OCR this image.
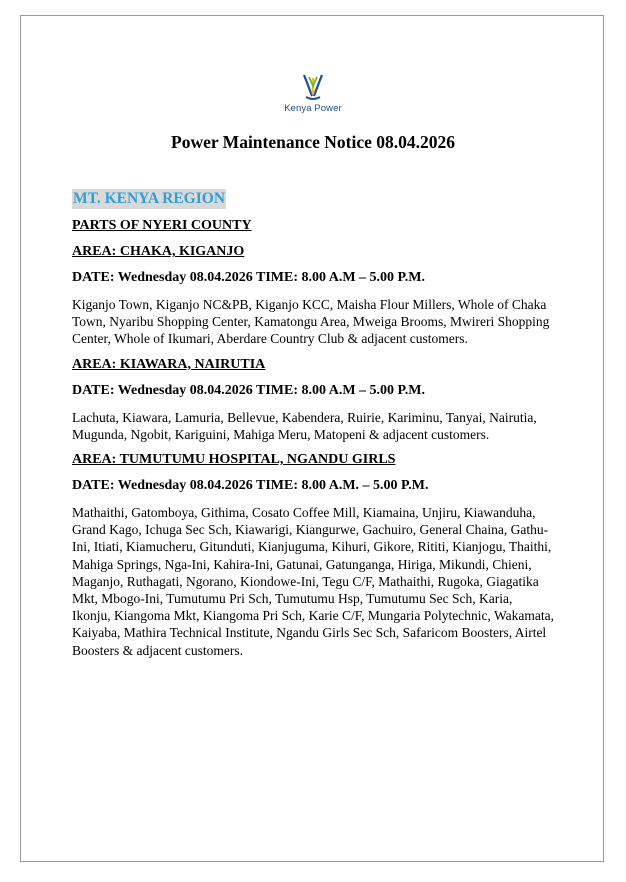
Kenya Power
Power Maintenance Notice 08.04.2026
MT. KENYA REGION
PARTS OF NYERI COUNTY
AREA: CHAKA, KIGANJO
DATE: Wednesday 08.04.2026 TIME: 8.00 A.M – 5.00 P.M.
Kiganjo Town, Kiganjo NC&PB, Kiganjo KCC, Maisha Flour Millers, Whole of Chaka Town, Nyaribu Shopping Center, Kamatongu Area, Mweiga Brooms, Mwireri Shopping Center, Whole of Ikumari, Aberdare Country Club & adjacent customers.
AREA: KIAWARA, NAIRUTIA
DATE: Wednesday 08.04.2026 TIME: 8.00 A.M – 5.00 P.M.
Lachuta, Kiawara, Lamuria, Bellevue, Kabendera, Ruirie, Kariminu, Tanyai, Nairutia, Mugunda, Ngobit, Kariguini, Mahiga Meru, Matopeni & adjacent customers.
AREA: TUMUTUMU HOSPITAL, NGANDU GIRLS
DATE: Wednesday 08.04.2026 TIME: 8.00 A.M. – 5.00 P.M.
Mathaithi, Gatomboya, Githima, Cosato Coffee Mill, Kiamaina, Unjiru, Kiawanduha, Grand Kago, Ichuga Sec Sch, Kiawarigi, Kiangurwe, Gachuiro, General Chaina, Gathu-Ini, Itiati, Kiamucheru, Gitunduti, Kianjuguma, Kihuri, Gikore, Rititi, Kianjogu, Thaithi, Mahiga Springs, Nga-Ini, Kahira-Ini, Gatunai, Gatunganga, Hiriga, Mikundi, Chieni, Maganjo, Ruthagati, Ngorano, Kiondowe-Ini, Tegu C/F, Mathaithi, Rugoka, Giagatika Mkt, Mbogo-Ini, Tumutumu Pri Sch, Tumutumu Hsp, Tumutumu Sec Sch, Karia, Ikonju, Kiangoma Mkt, Kiangoma Pri Sch, Karie C/F, Mungaria Polytechnic, Wakamata, Kaiyaba, Mathira Technical Institute, Ngandu Girls Sec Sch, Safaricom Boosters, Airtel Boosters & adjacent customers.
